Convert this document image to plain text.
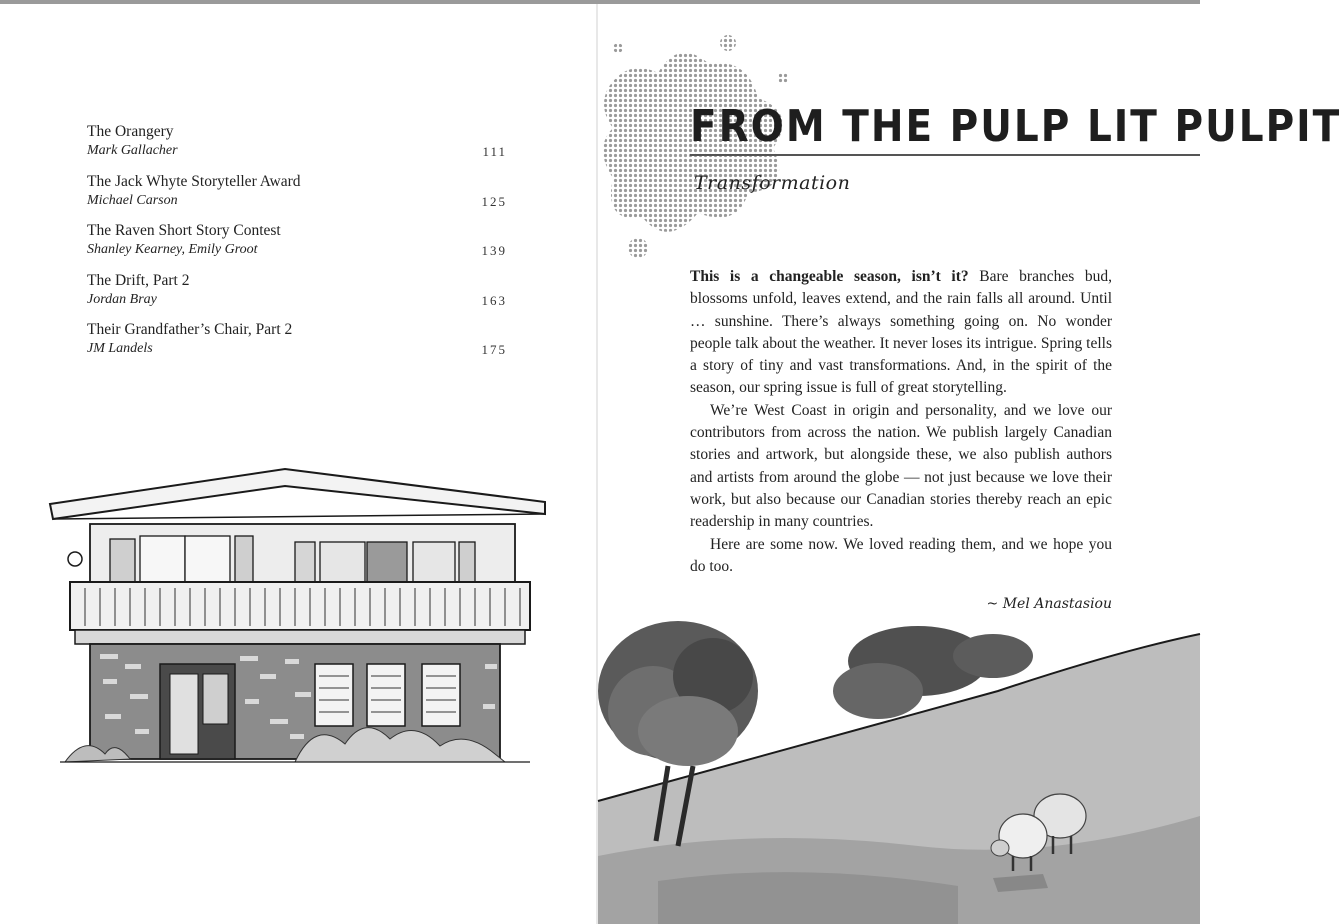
The Orangery
Mark Gallacher	111
The Jack Whyte Storyteller Award
Michael Carson	125
The Raven Short Story Contest
Shanley Kearney, Emily Groot	139
The Drift, Part 2
Jordan Bray	163
Their Grandfather’s Chair, Part 2
JM Landels	175
FROM THE PULP LIT PULPIT
Transformation

This is a changeable season, isn’t it? Bare branches bud, blossoms unfold, leaves extend, and the rain falls all around. Until … sunshine. There’s always something going on. No wonder people talk about the weather. It never loses its intrigue. Spring tells a story of tiny and vast transformations. And, in the spirit of the season, our spring issue is full of great storytelling.

We’re West Coast in origin and personality, and we love our contributors from across the nation. We publish largely Canadian stories and artwork, but alongside these, we also publish authors and artists from around the globe — not just because we love their work, but also because our Canadian stories thereby reach an epic readership in many countries.

Here are some now. We loved reading them, and we hope you do too.

~ Mel Anastasiou
